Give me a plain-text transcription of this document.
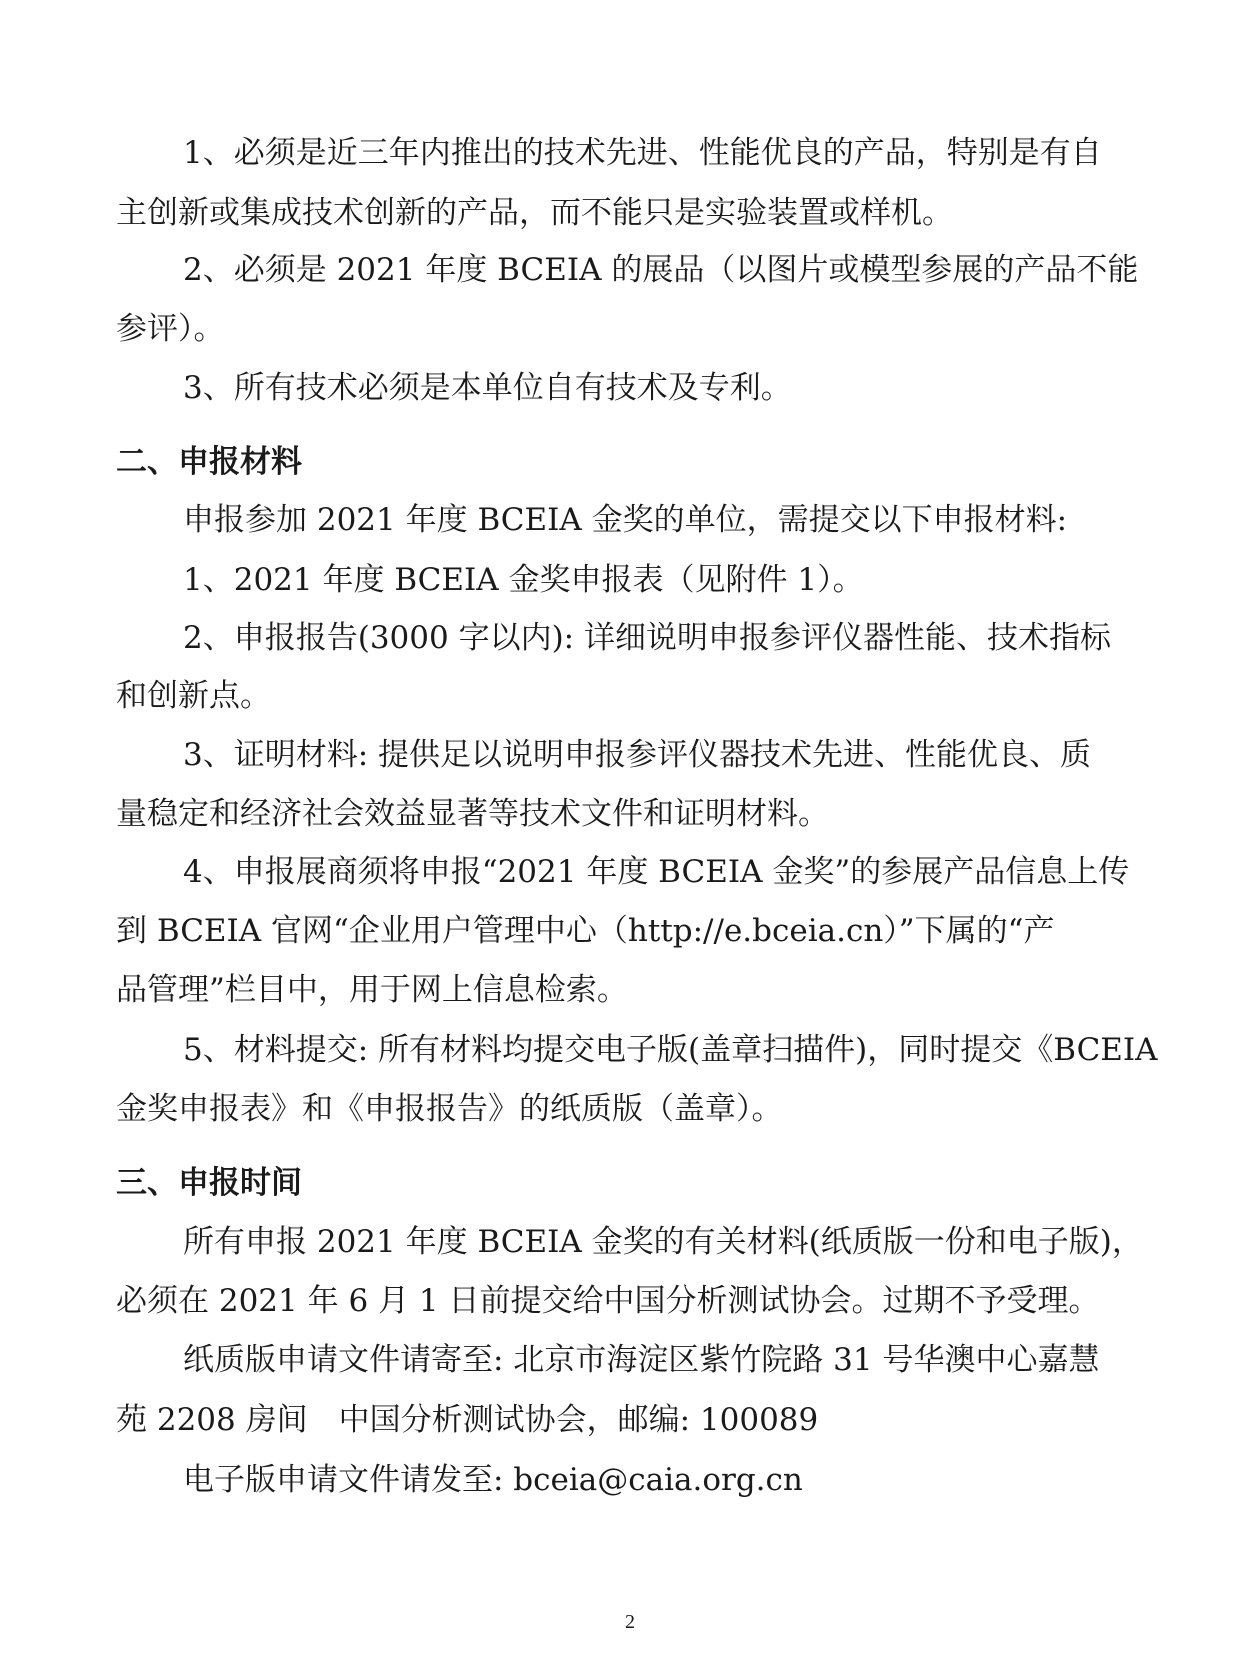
1、必须是近三年内推出的技术先进、性能优良的产品，特别是有自
主创新或集成技术创新的产品，而不能只是实验装置或样机。
2、必须是 2021 年度 BCEIA 的展品（以图片或模型参展的产品不能
参评）。
3、所有技术必须是本单位自有技术及专利。
二、申报材料
申报参加 2021 年度 BCEIA 金奖的单位，需提交以下申报材料:
1、2021 年度 BCEIA 金奖申报表（见附件 1）。
2、申报报告(3000 字以内): 详细说明申报参评仪器性能、技术指标
和创新点。
3、证明材料: 提供足以说明申报参评仪器技术先进、性能优良、质
量稳定和经济社会效益显著等技术文件和证明材料。
4、申报展商须将申报“2021 年度 BCEIA 金奖”的参展产品信息上传
到 BCEIA 官网“企业用户管理中心（http://e.bceia.cn）”下属的“产
品管理”栏目中，用于网上信息检索。
5、材料提交: 所有材料均提交电子版(盖章扫描件)，同时提交《BCEIA
金奖申报表》和《申报报告》的纸质版（盖章）。
三、申报时间
所有申报 2021 年度 BCEIA 金奖的有关材料(纸质版一份和电子版)，
必须在 2021 年 6 月 1 日前提交给中国分析测试协会。过期不予受理。
纸质版申请文件请寄至: 北京市海淀区紫竹院路 31 号华澳中心嘉慧
苑 2208 房间　中国分析测试协会，邮编: 100089
电子版申请文件请发至: bceia@caia.org.cn
2
